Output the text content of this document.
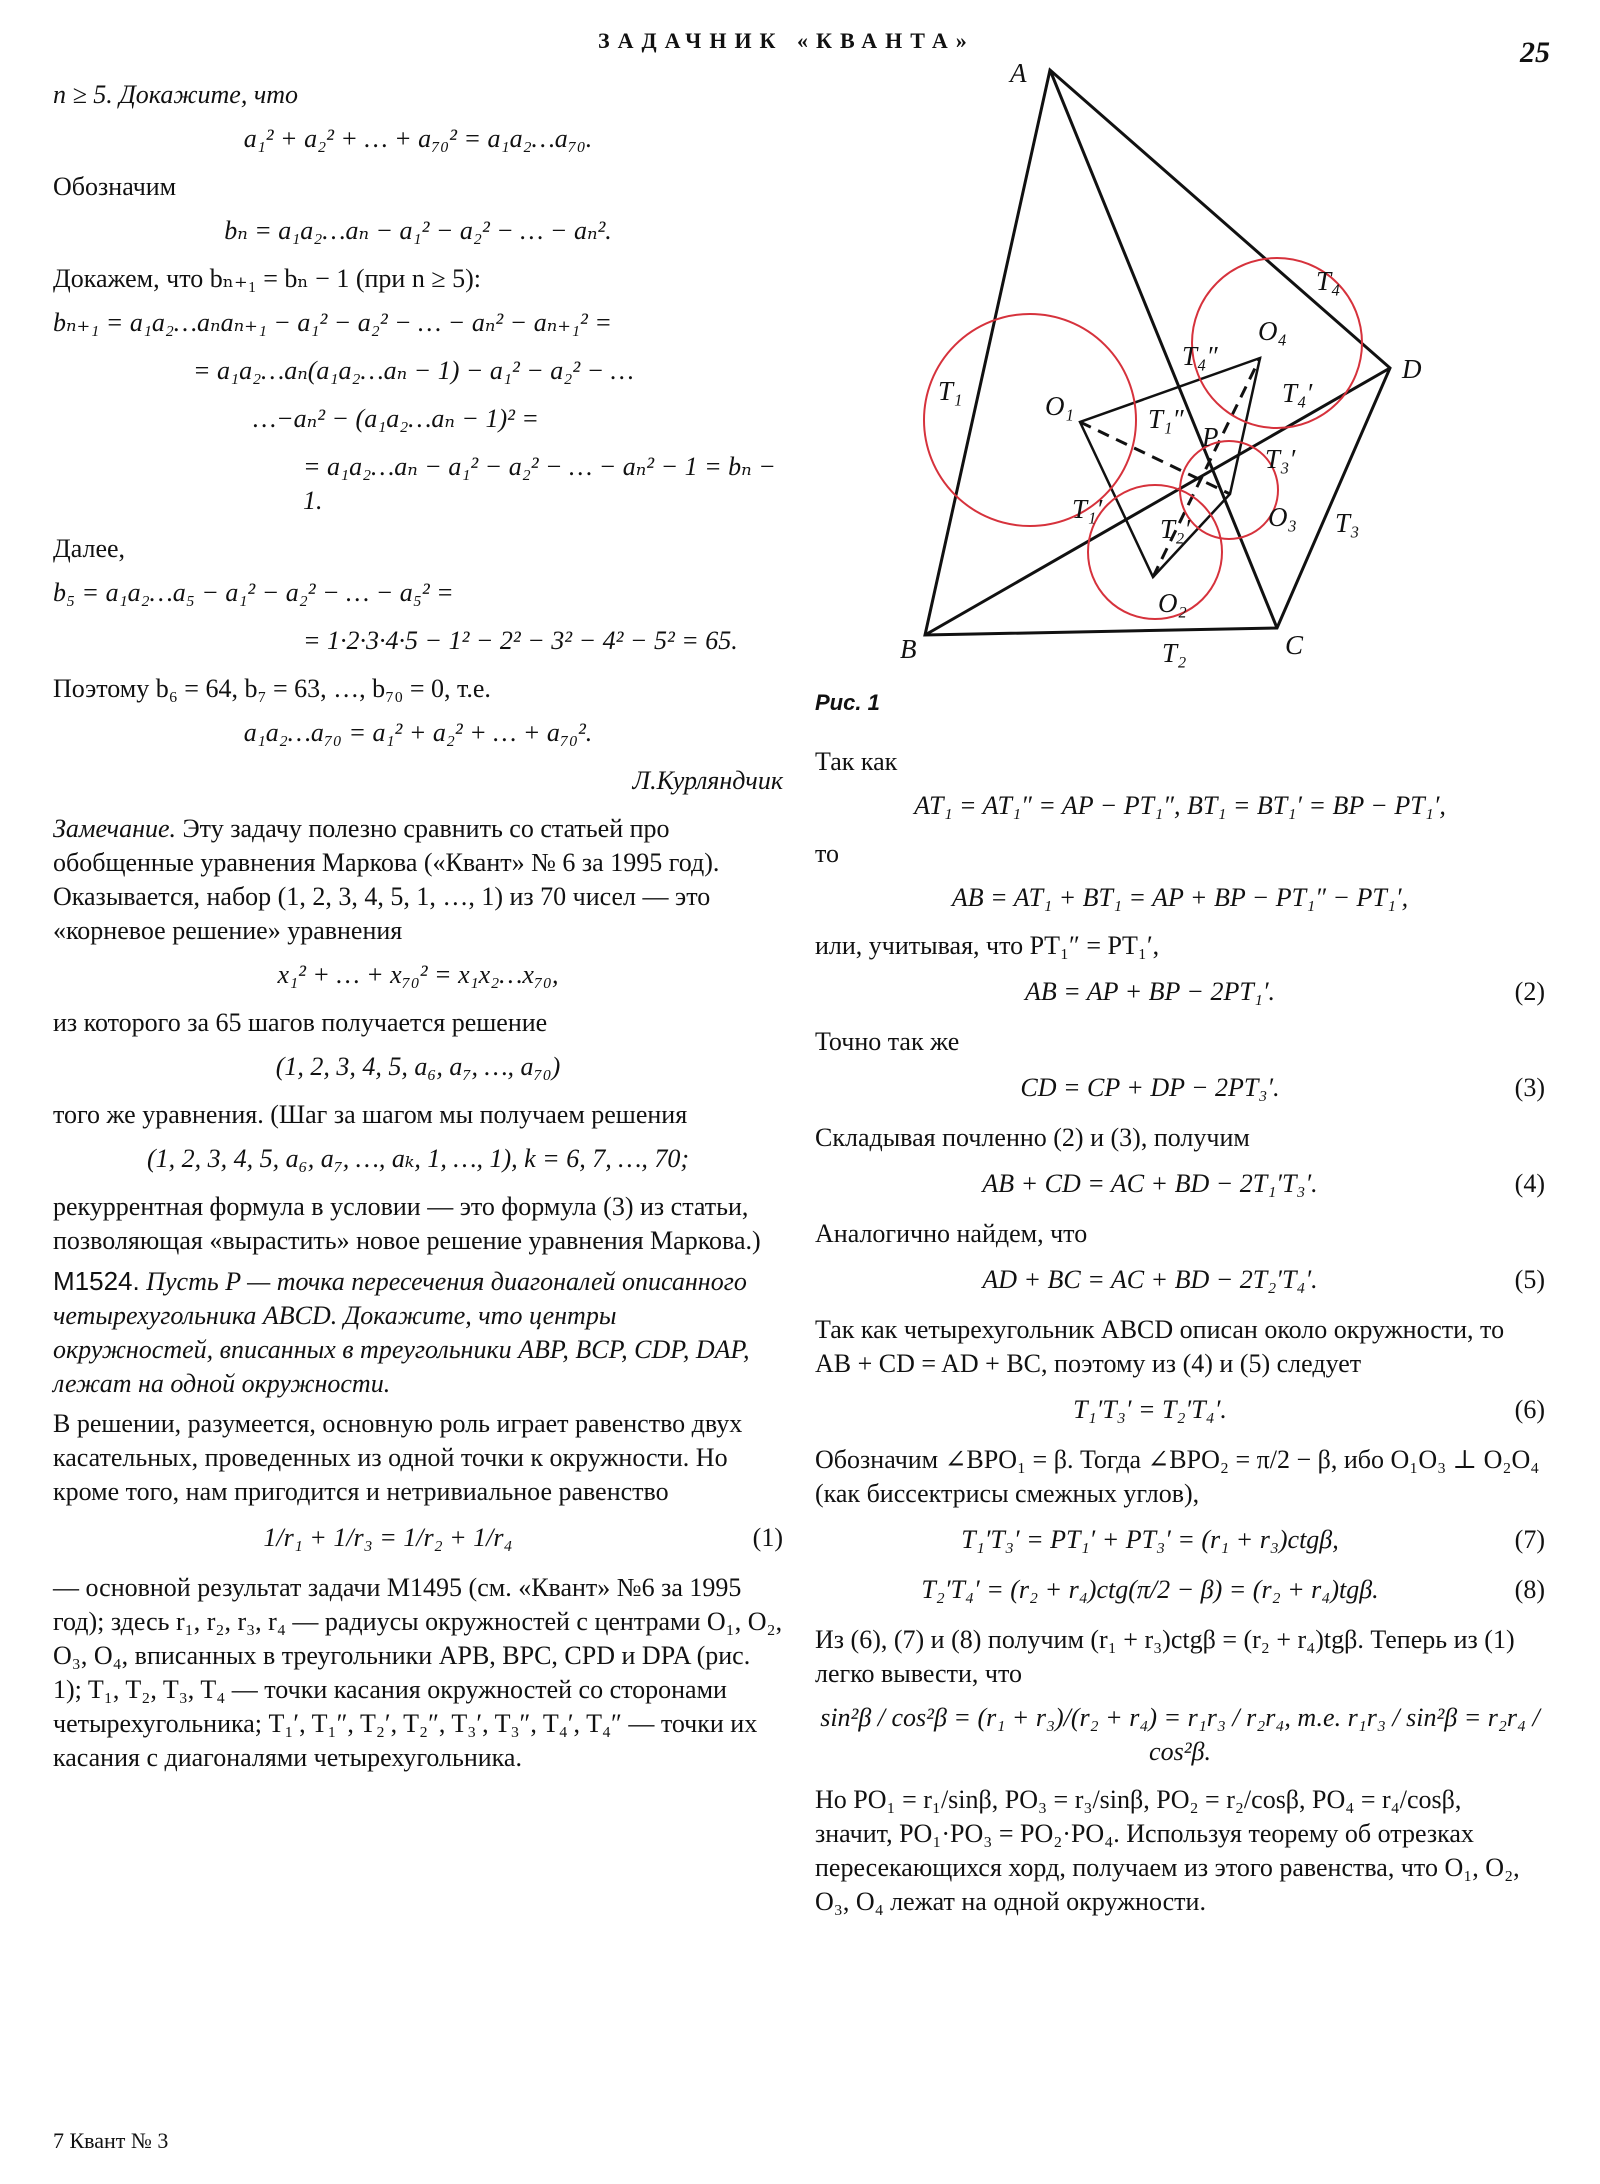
ЗАДАЧНИК «КВАНТА»	25

n ≥ 5. Докажите, что

a₁² + a₂² + … + a₇₀² = a₁a₂…a₇₀.

Обозначим

bₙ = a₁a₂…aₙ − a₁² − a₂² − … − aₙ².

Докажем, что bₙ₊₁ = bₙ − 1 (при n ≥ 5):

bₙ₊₁ = a₁a₂…aₙaₙ₊₁ − a₁² − a₂² − … − aₙ² − aₙ₊₁² =
= a₁a₂…aₙ(a₁a₂…aₙ − 1) − a₁² − a₂² − …
…−aₙ² − (a₁a₂…aₙ − 1)² =
= a₁a₂…aₙ − a₁² − a₂² − … − aₙ² − 1 = bₙ − 1.

Далее,

b₅ = a₁a₂…a₅ − a₁² − a₂² − … − a₅² =
= 1·2·3·4·5 − 1² − 2² − 3² − 4² − 5² = 65.

Поэтому b₆ = 64, b₇ = 63, …, b₇₀ = 0, т.е.

a₁a₂…a₇₀ = a₁² + a₂² + … + a₇₀².
Л.Курляндчик

Замечание. Эту задачу полезно сравнить со статьей про обобщенные уравнения Маркова («Квант» № 6 за 1995 год). Оказывается, набор (1, 2, 3, 4, 5, 1, …, 1) из 70 чисел — это «корневое решение» уравнения

x₁² + … + x₇₀² = x₁x₂…x₇₀,

из которого за 65 шагов получается решение

(1, 2, 3, 4, 5, a₆, a₇, …, a₇₀)

того же уравнения. (Шаг за шагом мы получаем решения

(1, 2, 3, 4, 5, a₆, a₇, …, aₖ, 1, …, 1), k = 6, 7, …, 70;

рекуррентная формула в условии — это формула (3) из статьи, позволяющая «вырастить» новое решение уравнения Маркова.)

М1524. Пусть P — точка пересечения диагоналей описанного четырехугольника ABCD. Докажите, что центры окружностей, вписанных в треугольники ABP, BCP, CDP, DAP, лежат на одной окружности.

В решении, разумеется, основную роль играет равенство двух касательных, проведенных из одной точки к окружности. Но кроме того, нам пригодится и нетривиальное равенство

1/r₁ + 1/r₃ = 1/r₂ + 1/r₄	(1)

— основной результат задачи М1495 (см. «Квант» №6 за 1995 год); здесь r₁, r₂, r₃, r₄ — радиусы окружностей с центрами O₁, O₂, O₃, O₄, вписанных в треугольники APB, BPC, CPD и DPA (рис. 1); T₁, T₂, T₃, T₄ — точки касания окружностей со сторонами четырехугольника; T₁′, T₁″, T₂′, T₂″, T₃′, T₃″, T₄′, T₄″ — точки их касания с диагоналями четырехугольника.

A
B	C
D
P
O₁
O₂
O₃
O₄
T₁
T₂
T₃
T₄
T₁′
T₁″
T₂′
T₃′
T₄′
T₄″
Рис. 1

Так как

AT₁ = AT₁″ = AP − PT₁″, BT₁ = BT₁′ = BP − PT₁′,

то

AB = AT₁ + BT₁ = AP + BP − PT₁″ − PT₁′,

или, учитывая, что PT₁″ = PT₁′,

AB = AP + BP − 2PT₁′.	(2)

Точно так же

CD = CP + DP − 2PT₃′.	(3)

Складывая почленно (2) и (3), получим

AB + CD = AC + BD − 2T₁′T₃′.	(4)

Аналогично найдем, что

AD + BC = AC + BD − 2T₂′T₄′.	(5)

Так как четырехугольник ABCD описан около окружности, то AB + CD = AD + BC, поэтому из (4) и (5) следует

T₁′T₃′ = T₂′T₄′.	(6)

Обозначим ∠BPO₁ = β. Тогда ∠BPO₂ = π/2 − β, ибо O₁O₃ ⊥ O₂O₄ (как биссектрисы смежных углов),

T₁′T₃′ = PT₁′ + PT₃′ = (r₁ + r₃)ctgβ,	(7)
T₂′T₄′ = (r₂ + r₄)ctg(π/2 − β) = (r₂ + r₄)tgβ.	(8)

Из (6), (7) и (8) получим (r₁ + r₃)ctgβ = (r₂ + r₄)tgβ. Теперь из (1) легко вывести, что

sin²β / cos²β = (r₁ + r₃)/(r₂ + r₄) = r₁r₃ / r₂r₄, т.е. r₁r₃ / sin²β = r₂r₄ / cos²β.

Но PO₁ = r₁/sinβ, PO₃ = r₃/sinβ, PO₂ = r₂/cosβ, PO₄ = r₄/cosβ, значит, PO₁·PO₃ = PO₂·PO₄. Используя теорему об отрезках пересекающихся хорд, получаем из этого равенства, что O₁, O₂, O₃, O₄ лежат на одной окружности.

7 Квант № 3
